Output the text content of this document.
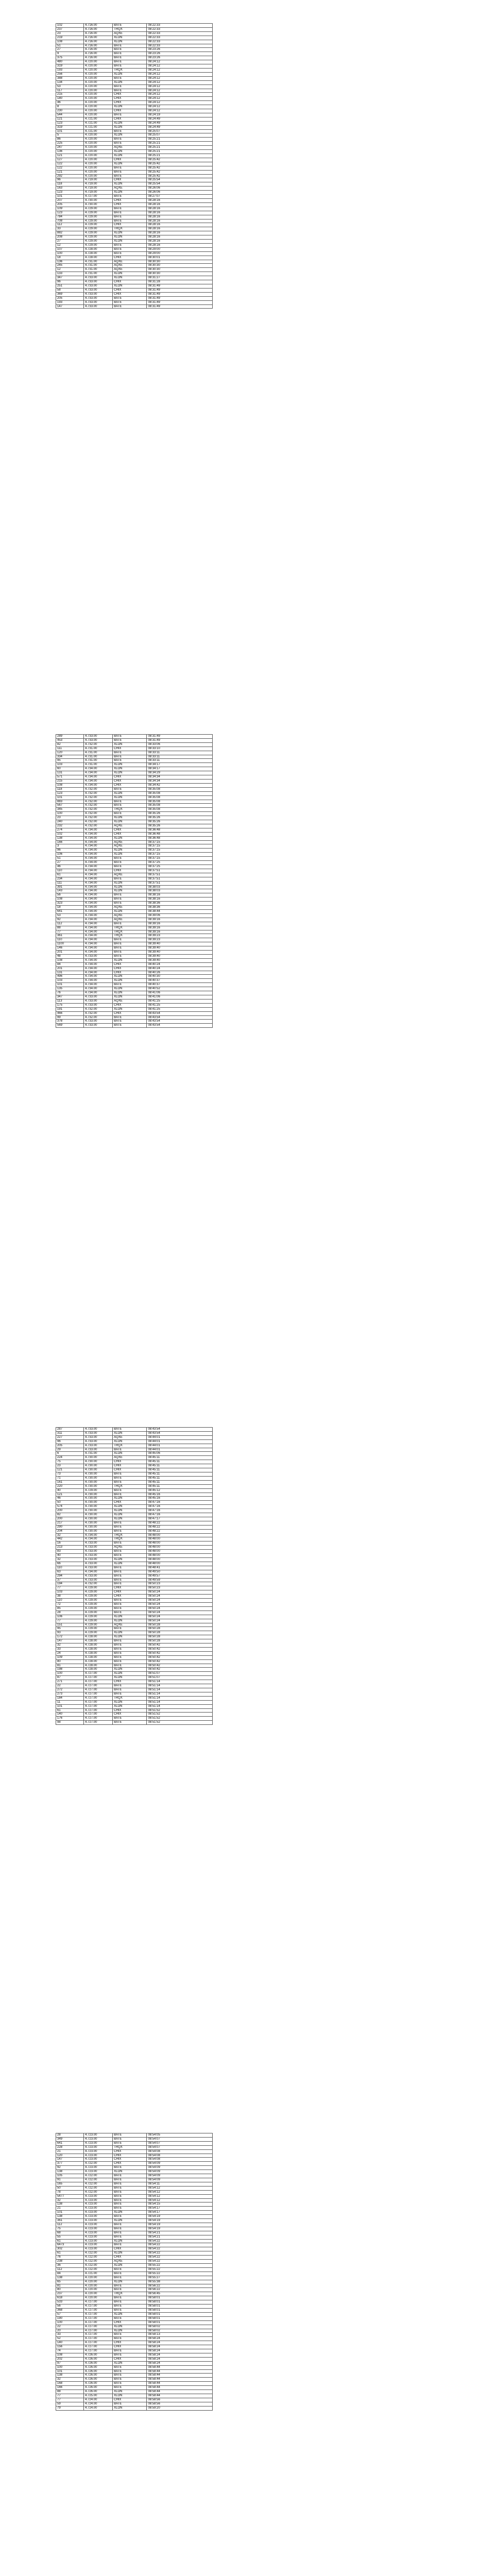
102	4.716.00	BATE	08:22:33
237	4.716.00	TRQX	08:22:33
23	4.716.00	AQXE	08:22:33
219	4.716.00	XLON	08:22:33
108	4.716.00	XLON	08:22:33
51	4.716.00	BATE	08:22:33
27	4.716.00	BATE	08:23:26
9	4.716.00	BATE	08:23:26
375	4.716.00	BATE	08:23:26
480	4.720.00	BATE	08:24:12
319	4.720.00	BATE	08:24:12
193	4.720.00	TRQX	08:24:12
256	4.720.00	XLON	08:24:12
388	4.720.00	BATE	08:24:12
134	4.720.00	XLON	08:24:12
53	4.720.00	BATE	08:24:12
117	4.720.00	BATE	08:24:12
215	4.720.00	CHIX	08:24:12
180	4.720.00	CHIX	08:24:12
46	4.720.00	CHIX	08:24:12
8	4.720.00	XLON	08:24:12
230	4.720.00	CHIX	08:24:12
544	4.720.00	BATE	08:24:19
121	4.721.00	CHIX	08:24:49
123	4.721.00	XLON	08:24:49
319	4.721.00	XLON	08:24:49
101	4.721.00	BATE	08:25:07
5	4.720.00	XLON	08:25:07
86	4.720.00	BATE	08:25:21
225	4.720.00	BATE	08:25:21
247	4.720.00	AQXE	08:25:21
136	4.720.00	XLON	08:25:21
121	4.720.00	XLON	08:25:21
127	4.720.00	CHIX	08:25:42
122	4.720.00	XLON	08:25:42
122	4.720.00	BATE	08:25:42
121	4.720.00	BATE	08:25:42
292	4.720.00	BATE	08:25:42
96	4.719.00	CHIX	08:25:54
118	4.719.00	XLON	08:25:54
163	4.719.00	AQXE	08:26:06
123	4.719.00	XLON	08:26:06
101	4.727.00	BATE	08:27:07
207	4.730.00	CHIX	08:28:16
205	4.730.00	CHIX	08:28:16
109	4.729.00	BATE	08:28:16
123	4.729.00	BATE	08:28:16
784	4.729.00	BATE	08:28:16
708	4.729.00	BATE	08:28:16
112	4.729.00	CHIX	08:28:16
33	4.729.00	TRQX	08:28:16
882	4.729.00	XLON	08:28:16
208	4.729.00	XLON	08:28:16
27	4.729.00	XLON	08:28:16
12	4.729.00	BATE	08:28:16
107	4.728.00	BATE	08:29:00
100	4.728.00	BATE	08:29:00
18	4.728.00	CHIX	08:30:01
136	4.731.00	AQXE	08:30:30
245	4.731.00	AQXE	08:30:30
12	4.731.00	AQXE	08:30:30
133	4.731.00	XLON	08:30:30
347	4.733.00	XLON	08:31:27
96	4.733.00	CHIX	08:31:28
251	4.733.00	XLON	08:31:49
58	4.733.00	CHIX	08:31:49
369	4.733.00	CHIX	08:31:49
205	4.733.00	BATE	08:31:49
193	4.733.00	BATE	08:31:49
147	4.733.00	BATE	08:31:49
289	4.733.00	BATE	08:31:49
453	4.733.00	BATE	08:31:49
82	4.732.00	XLON	08:33:06
111	4.731.00	CHIX	08:33:10
120	4.731.00	BATE	08:33:11
334	4.731.00	BATE	08:33:11
95	4.731.00	BATE	08:33:11
103	4.731.00	XLON	08:34:17
60	4.734.00	XLON	08:34:17
131	4.734.00	XLON	08:34:29
571	4.734.00	CHIX	08:34:34
215	4.734.00	CHIX	08:34:34
108	4.734.00	CHIX	08:34:42
118	4.732.00	BATE	08:35:08
123	4.732.00	XLON	08:35:08
101	4.732.00	XLON	08:35:08
883	4.732.00	BATE	08:35:08
567	4.732.00	BATE	08:35:08
345	4.732.00	TRQX	08:35:08
100	4.732.00	BATE	08:35:26
23	4.732.00	XLON	08:35:26
240	4.732.00	XLON	08:35:26
232	4.732.00	AQXE	08:35:26
274	4.734.00	CHIX	08:36:48
102	4.734.00	CHIX	08:36:48
138	4.734.00	XLON	08:36:48
166	4.734.00	AQXE	08:37:15
3	4.734.00	AQXE	08:37:15
96	4.734.00	XLON	08:37:15
106	4.734.00	XLON	08:37:15
51	4.734.00	BATE	08:37:15
27	4.734.00	BATE	08:37:25
46	4.734.00	BATE	08:37:25
110	4.734.00	CHIX	08:37:51
61	4.734.00	AQXE	08:37:51
234	4.734.00	BATE	08:37:51
111	4.734.00	XLON	08:37:51
391	4.734.00	XLON	08:38:03
143	4.734.00	XLON	08:38:03
56	4.734.00	BATE	08:38:16
108	4.734.00	BATE	08:38:16
323	4.734.00	BATE	08:38:36
18	4.734.00	AQXE	08:38:36
641	4.734.00	XLON	08:38:44
53	4.734.00	AQXE	08:39:06
92	4.734.00	AQXE	08:39:16
112	4.734.00	BATE	08:39:16
88	4.734.00	TRQX	08:39:16
77	4.734.00	TRQX	08:39:16
361	4.734.00	TRQX	08:39:23
110	4.734.00	BATE	08:39:23
1100	4.734.00	BATE	08:39:40
146	4.734.00	BATE	08:39:40
201	4.734.00	BATE	08:39:40
48	4.733.00	BATE	08:39:40
108	4.734.00	XLON	08:39:40
84	4.734.00	CHIX	08:40:24
201	4.734.00	CHIX	08:40:24
131	4.734.00	CHIX	08:40:26
496	4.734.00	XLON	08:40:30
103	4.734.00	XLON	08:40:37
101	4.734.00	BATE	08:40:37
135	4.734.00	XLON	08:40:52
76	4.734.00	XLON	08:41:06
347	4.733.00	XLON	08:41:06
113	4.733.00	AQXE	08:41:25
175	4.733.00	CHIX	08:41:25
191	4.732.00	XLON	08:41:25
466	4.732.00	CHIX	08:43:54
99	4.732.00	BATE	08:43:54
378	4.733.00	BATE	08:43:54
569	4.733.00	BATE	08:43:54
287	4.733.00	BATE	08:43:54
311	4.733.00	XLON	08:43:54
227	4.733.00	AQXE	08:44:01
96	4.733.00	XLON	08:44:01
205	4.733.00	TRQX	08:44:01
29	4.733.00	BATE	08:44:01
6	4.731.00	XLON	08:45:06
224	4.730.00	AQXE	08:45:11
75	4.730.00	CHIX	08:45:11
23	4.730.00	CHIX	08:45:11
121	4.730.00	CHIX	08:45:11
73	4.730.00	BATE	08:45:11
71	4.730.00	BATE	08:45:11
161	4.730.00	BATE	08:45:11
220	4.730.00	TRQX	08:45:11
40	4.729.00	BATE	08:45:12
121	4.730.00	BATE	08:45:16
46	4.730.00	XLON	08:45:16
50	4.730.00	CHIX	08:47:16
574	4.730.00	XLON	08:47:16
200	4.730.00	XLON	08:47:16
82	4.730.00	XLON	08:47:16
200	4.730.00	XLON	08:47:17
217	4.730.00	BATE	08:48:22
290	4.730.00	BATE	08:48:22
204	4.730.00	BATE	08:48:22
32	4.734.00	TRQX	08:48:00
442	4.734.00	TRQX	08:48:00
16	4.733.00	BATE	08:48:00
213	4.733.00	AQXE	08:48:00
83	4.733.00	BATE	08:48:00
40	4.733.00	BATE	08:48:00
32	4.733.00	XLON	08:48:00
66	4.733.00	XLON	08:48:00
110	4.733.00	BATE	08:48:41
63	4.734.00	BATE	08:49:50
294	4.733.00	BATE	08:49:57
37	4.733.00	BATE	08:49:59
194	4.732.00	BATE	08:50:23
77	4.729.00	CHIX	08:50:23
103	4.729.00	CHIX	08:50:24
38	4.729.00	CHIX	08:50:24
110	4.729.00	BATE	08:50:24
72	4.729.00	BATE	08:50:24
85	4.729.00	BATE	08:50:24
28	4.729.00	BATE	08:50:24
106	4.729.00	XLON	08:50:24
77	4.729.00	XLON	08:50:24
151	4.729.00	AQXE	08:50:28
95	4.729.00	BATE	08:50:28
93	4.729.00	XLON	08:50:28
172	4.728.00	XLON	08:50:28
147	4.728.00	BATE	08:50:28
32	4.728.00	BATE	08:50:42
33	4.728.00	BATE	08:50:42
24	4.728.00	BATE	08:50:42
109	4.728.00	BATE	08:50:42
80	4.728.00	BATE	08:50:42
81	4.728.00	BATE	08:50:42
198	4.728.00	XLON	08:50:42
100	4.727.00	XLON	08:51:07
87	4.727.00	XLON	08:51:07
271	4.727.00	CHIX	08:51:14
22	4.727.00	BATE	08:51:14
272	4.727.00	BATE	08:51:14
273	4.727.00	BATE	08:51:14
184	4.727.00	TRQX	08:51:14
11	4.727.00	XLON	08:51:14
101	4.727.00	XLON	08:51:14
61	4.727.00	CHIX	08:51:52
140	4.727.00	CHIX	08:51:52
176	4.727.00	BATE	08:51:52
98	4.727.00	BATE	08:51:52
28	4.723.00	BATE	08:54:05
349	4.723.00	BATE	08:54:07
641	4.723.00	BATE	08:54:07
228	4.723.00	TRQX	08:54:07
21	4.723.00	CHIX	08:54:08
120	4.723.00	CHIX	08:54:08
147	4.723.00	CHIX	08:54:08
377	4.722.00	CHIX	08:54:09
92	4.723.00	BATE	08:54:09
138	4.723.00	XLON	08:54:09
105	4.722.00	BATE	08:54:09
91	4.722.00	BATE	08:54:09
165	4.722.00	BATE	08:54:11
50	4.722.00	BATE	08:54:12
78	4.722.00	BATE	08:54:12
5477	4.723.00	BATE	08:54:12
32	4.723.00	BATE	08:54:12
138	4.723.00	BATE	08:54:15
21	4.723.00	BATE	08:54:17
101	4.723.00	XLON	08:54:17
138	4.723.00	BATE	08:54:19
361	4.723.00	XLON	08:54:19
112	4.723.00	BATE	08:54:19
75	4.723.00	BATE	08:54:19
68	4.723.00	BATE	08:54:21
55	4.723.00	BATE	08:54:21
61	4.723.00	XLON	08:54:22
6473	4.723.00	BATE	08:54:22
302	4.723.00	CHIX	08:54:22
61	4.722.00	XLON	08:54:22
76	4.722.00	CHIX	08:54:22
238	4.722.00	AQXE	08:54:22
36	4.722.00	XLON	08:55:22
112	4.722.00	BATE	08:55:22
84	4.721.00	BATE	08:55:22
138	4.720.00	BATE	08:55:27
65	4.720.00	XLON	08:55:38
81	4.720.00	BATE	08:56:22
80	4.720.00	BATE	08:56:22
237	4.720.00	TRQX	08:56:45
618	4.720.00	BATE	08:58:01
533	4.727.00	BATE	08:58:01
56	4.727.00	BATE	08:58:01
368	4.727.00	BATE	08:58:01
57	4.727.00	XLON	08:58:01
190	4.727.00	BATE	08:58:01
100	4.727.00	CHIX	08:58:01
22	4.727.00	XLON	08:58:02
20	4.727.00	XLON	08:58:02
33	4.727.00	BATE	08:58:13
52	4.727.00	BATE	08:58:24
140	4.727.00	CHIX	08:58:24
156	4.727.00	CHIX	08:58:24
74	4.727.00	BATE	08:58:24
108	4.726.00	BATE	08:58:24
202	4.726.00	CHIX	08:58:24
97	4.726.00	XLON	08:58:24
100	4.726.00	BATE	08:58:44
101	4.726.00	BATE	08:58:44
138	4.726.00	BATE	08:58:44
32	4.726.00	BATE	08:58:44
168	4.726.00	BATE	08:58:44
166	4.726.00	BATE	08:58:44
88	4.726.00	XLON	08:58:44
77	4.725.00	XLON	08:58:44
77	4.724.00	CHIX	08:58:56
59	4.724.00	BATE	08:58:56
79	4.724.00	XLON	08:59:20
